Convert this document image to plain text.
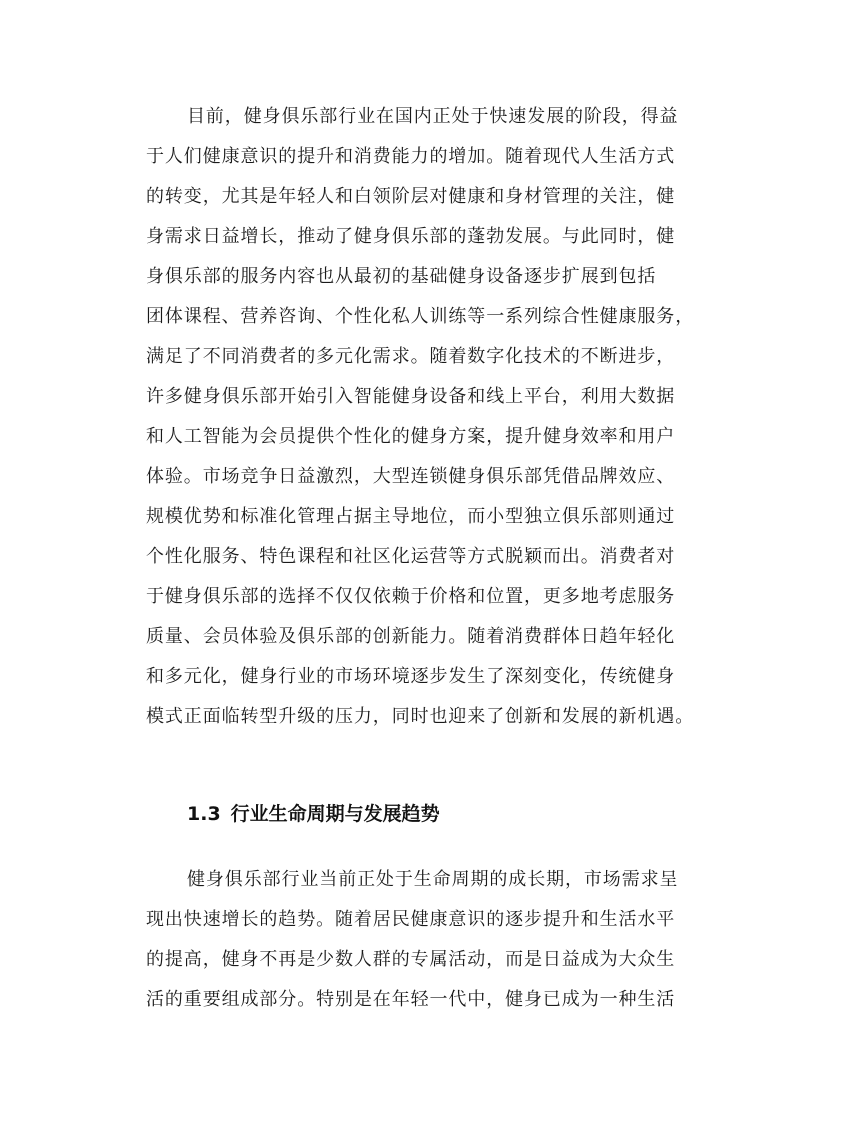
目前，健身俱乐部行业在国内正处于快速发展的阶段，得益
于人们健康意识的提升和消费能力的增加。随着现代人生活方式
的转变，尤其是年轻人和白领阶层对健康和身材管理的关注，健
身需求日益增长，推动了健身俱乐部的蓬勃发展。与此同时，健
身俱乐部的服务内容也从最初的基础健身设备逐步扩展到包括
团体课程、营养咨询、个性化私人训练等一系列综合性健康服务，
满足了不同消费者的多元化需求。随着数字化技术的不断进步，
许多健身俱乐部开始引入智能健身设备和线上平台，利用大数据
和人工智能为会员提供个性化的健身方案，提升健身效率和用户
体验。市场竞争日益激烈，大型连锁健身俱乐部凭借品牌效应、
规模优势和标准化管理占据主导地位，而小型独立俱乐部则通过
个性化服务、特色课程和社区化运营等方式脱颖而出。消费者对
于健身俱乐部的选择不仅仅依赖于价格和位置，更多地考虑服务
质量、会员体验及俱乐部的创新能力。随着消费群体日趋年轻化
和多元化，健身行业的市场环境逐步发生了深刻变化，传统健身
模式正面临转型升级的压力，同时也迎来了创新和发展的新机遇。
1.3 行业生命周期与发展趋势
健身俱乐部行业当前正处于生命周期的成长期，市场需求呈
现出快速增长的趋势。随着居民健康意识的逐步提升和生活水平
的提高，健身不再是少数人群的专属活动，而是日益成为大众生
活的重要组成部分。特别是在年轻一代中，健身已成为一种生活
